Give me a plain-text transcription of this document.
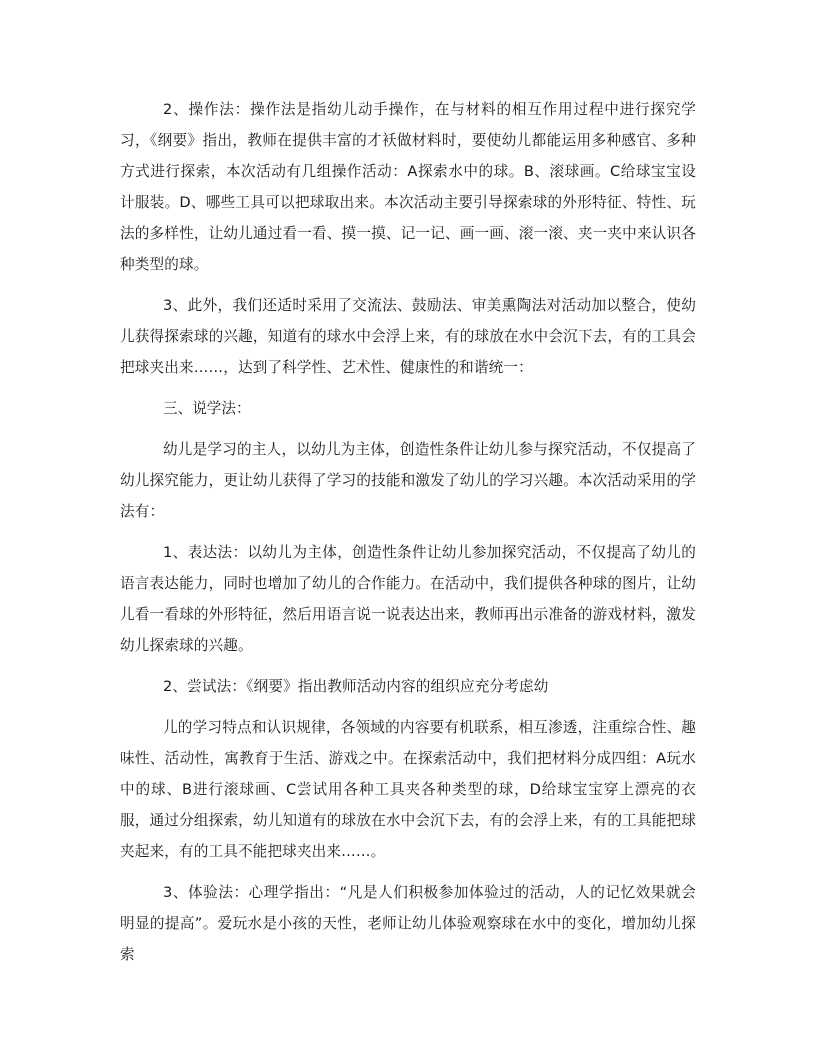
2、操作法：操作法是指幼儿动手操作，在与材料的相互作用过程中进行探究学习，《纲要》指出，教师在提供丰富的才袄做材料时，要使幼儿都能运用多种感官、多种方式进行探索，本次活动有几组操作活动：A探索水中的球。B、滚球画。C给球宝宝设计服装。D、哪些工具可以把球取出来。本次活动主要引导探索球的外形特征、特性、玩法的多样性，让幼儿通过看一看、摸一摸、记一记、画一画、滚一滚、夹一夹中来认识各种类型的球。

3、此外，我们还适时采用了交流法、鼓励法、审美熏陶法对活动加以整合，使幼儿获得探索球的兴趣，知道有的球水中会浮上来，有的球放在水中会沉下去，有的工具会把球夹出来……，达到了科学性、艺术性、健康性的和谐统一：

三、说学法：

幼儿是学习的主人，以幼儿为主体，创造性条件让幼儿参与探究活动，不仅提高了幼儿探究能力，更让幼儿获得了学习的技能和激发了幼儿的学习兴趣。本次活动采用的学法有：

1、表达法：以幼儿为主体，创造性条件让幼儿参加探究活动，不仅提高了幼儿的语言表达能力，同时也增加了幼儿的合作能力。在活动中，我们提供各种球的图片，让幼儿看一看球的外形特征，然后用语言说一说表达出来，教师再出示准备的游戏材料，激发幼儿探索球的兴趣。

2、尝试法：《纲要》指出教师活动内容的组织应充分考虑幼

儿的学习特点和认识规律，各领域的内容要有机联系，相互渗透，注重综合性、趣味性、活动性，寓教育于生活、游戏之中。在探索活动中，我们把材料分成四组：A玩水中的球、B进行滚球画、C尝试用各种工具夹各种类型的球，D给球宝宝穿上漂亮的衣服，通过分组探索，幼儿知道有的球放在水中会沉下去，有的会浮上来，有的工具能把球夹起来，有的工具不能把球夹出来……。

3、体验法：心理学指出：“凡是人们积极参加体验过的活动，人的记忆效果就会明显的提高”。爱玩水是小孩的天性，老师让幼儿体验观察球在水中的变化，增加幼儿探索
